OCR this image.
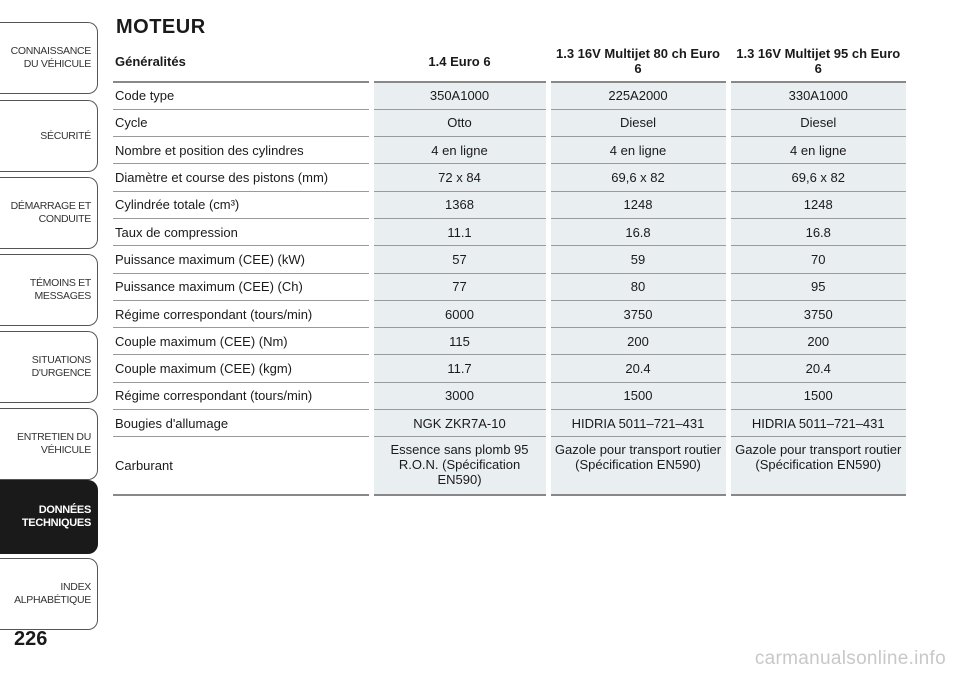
CONNAISSANCE
DU VÉHICULE
SÉCURITÉ
DÉMARRAGE ET
CONDUITE
TÉMOINS ET
MESSAGES
SITUATIONS
D'URGENCE
ENTRETIEN DU
VÉHICULE
DONNÉES
TECHNIQUES
INDEX
ALPHABÉTIQUE
226
MOTEUR
Généralités	1.4 Euro 6	1.3 16V Multijet 80 ch Euro 6	1.3 16V Multijet 95 ch Euro 6
Code type	350A1000	225A2000	330A1000
Cycle	Otto	Diesel	Diesel
Nombre et position des cylindres	4 en ligne	4 en ligne	4 en ligne
Diamètre et course des pistons (mm)	72 x 84	69,6 x 82	69,6 x 82
Cylindrée totale (cm³)	1368	1248	1248
Taux de compression	11.1	16.8	16.8
Puissance maximum (CEE) (kW)	57	59	70
Puissance maximum (CEE) (Ch)	77	80	95
Régime correspondant (tours/min)	6000	3750	3750
Couple maximum (CEE) (Nm)	115	200	200
Couple maximum (CEE) (kgm)	11.7	20.4	20.4
Régime correspondant (tours/min)	3000	1500	1500
Bougies d'allumage	NGK ZKR7A-10	HIDRIA 5011–721–431	HIDRIA 5011–721–431
Carburant	Essence sans plomb 95 R.O.N. (Spécification EN590)	Gazole pour transport routier (Spécification EN590)	Gazole pour transport routier (Spécification EN590)
carmanualsonline.info
